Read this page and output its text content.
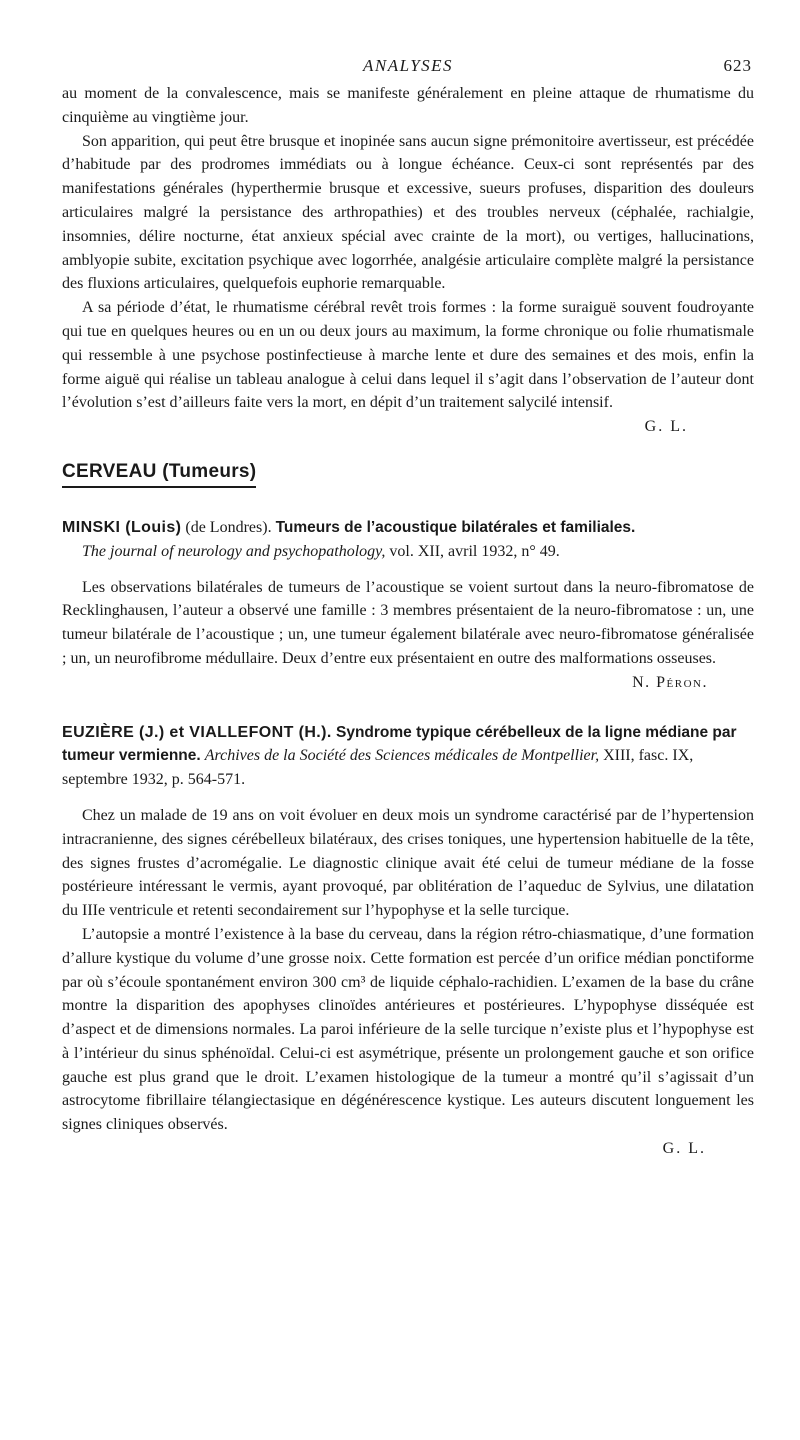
ANALYSES	623

au moment de la convalescence, mais se manifeste généralement en pleine attaque de rhumatisme du cinquième au vingtième jour.

Son apparition, qui peut être brusque et inopinée sans aucun signe prémonitoire avertisseur, est précédée d’habitude par des prodromes immédiats ou à longue échéance. Ceux-ci sont représentés par des manifestations générales (hyperthermie brusque et excessive, sueurs profuses, disparition des douleurs articulaires malgré la persistance des arthropathies) et des troubles nerveux (céphalée, rachialgie, insomnies, délire nocturne, état anxieux spécial avec crainte de la mort), ou vertiges, hallucinations, amblyopie subite, excitation psychique avec logorrhée, analgésie articulaire complète malgré la persistance des fluxions articulaires, quelquefois euphorie remarquable.

A sa période d’état, le rhumatisme cérébral revêt trois formes : la forme suraiguë souvent foudroyante qui tue en quelques heures ou en un ou deux jours au maximum, la forme chronique ou folie rhumatismale qui ressemble à une psychose postinfectieuse à marche lente et dure des semaines et des mois, enfin la forme aiguë qui réalise un tableau analogue à celui dans lequel il s’agit dans l’observation de l’auteur dont l’évolution s’est d’ailleurs faite vers la mort, en dépit d’un traitement salycilé intensif.

G. L.
CERVEAU (Tumeurs)

MINSKI (Louis) (de Londres). Tumeurs de l’acoustique bilatérales et familiales.

The journal of neurology and psychopathology, vol. XII, avril 1932, n° 49.

Les observations bilatérales de tumeurs de l’acoustique se voient surtout dans la neuro-fibromatose de Recklinghausen, l’auteur a observé une famille : 3 membres présentaient de la neuro-fibromatose : un, une tumeur bilatérale de l’acoustique ; un, une tumeur également bilatérale avec neuro-fibromatose généralisée ; un, un neurofibrome médullaire. Deux d’entre eux présentaient en outre des malformations osseuses.

N. Péron.

EUZIÈRE (J.) et VIALLEFONT (H.). Syndrome typique cérébelleux de la ligne médiane par tumeur vermienne. Archives de la Société des Sciences médicales de Montpellier, XIII, fasc. IX, septembre 1932, p. 564-571.

Chez un malade de 19 ans on voit évoluer en deux mois un syndrome caractérisé par de l’hypertension intracranienne, des signes cérébelleux bilatéraux, des crises toniques, une hypertension habituelle de la tête, des signes frustes d’acromégalie. Le diagnostic clinique avait été celui de tumeur médiane de la fosse postérieure intéressant le vermis, ayant provoqué, par oblitération de l’aqueduc de Sylvius, une dilatation du IIIe ventricule et retenti secondairement sur l’hypophyse et la selle turcique.

L’autopsie a montré l’existence à la base du cerveau, dans la région rétro-chiasmatique, d’une formation d’allure kystique du volume d’une grosse noix. Cette formation est percée d’un orifice médian ponctiforme par où s’écoule spontanément environ 300 cm³ de liquide céphalo-rachidien. L’examen de la base du crâne montre la disparition des apophyses clinoïdes antérieures et postérieures. L’hypophyse disséquée est d’aspect et de dimensions normales. La paroi inférieure de la selle turcique n’existe plus et l’hypophyse est à l’intérieur du sinus sphénoïdal. Celui-ci est asymétrique, présente un prolongement gauche et son orifice gauche est plus grand que le droit. L’examen histologique de la tumeur a montré qu’il s’agissait d’un astrocytome fibrillaire télangiectasique en dégénérescence kystique. Les auteurs discutent longuement les signes cliniques observés.

G. L.
